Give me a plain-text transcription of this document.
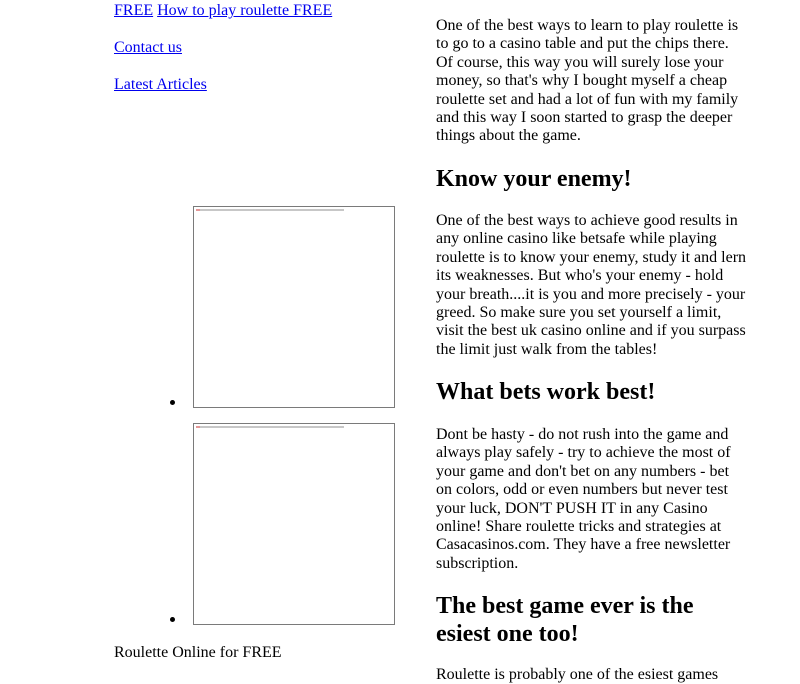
FREE How to play roulette FREE
Contact us
Latest Articles
Roulette Online for FREE

One of the best ways to learn to play roulette is to go to a casino table and put the chips there. Of course, this way you will surely lose your money, so that's why I bought myself a cheap roulette set and had a lot of fun with my family and this way I soon started to grasp the deeper things about the game.

Know your enemy!

One of the best ways to achieve good results in any online casino like betsafe while playing roulette is to know your enemy, study it and lern its weaknesses. But who's your enemy - hold your breath....it is you and more precisely - your greed. So make sure you set yourself a limit, visit the best uk casino online and if you surpass the limit just walk from the tables!

What bets work best!

Dont be hasty - do not rush into the game and always play safely - try to achieve the most of your game and don't bet on any numbers - bet on colors, odd or even numbers but never test your luck, DON'T PUSH IT in any Casino online! Share roulette tricks and strategies at Casacasinos.com. They have a free newsletter subscription.

The best game ever is the esiest one too!

Roulette is probably one of the esiest games
